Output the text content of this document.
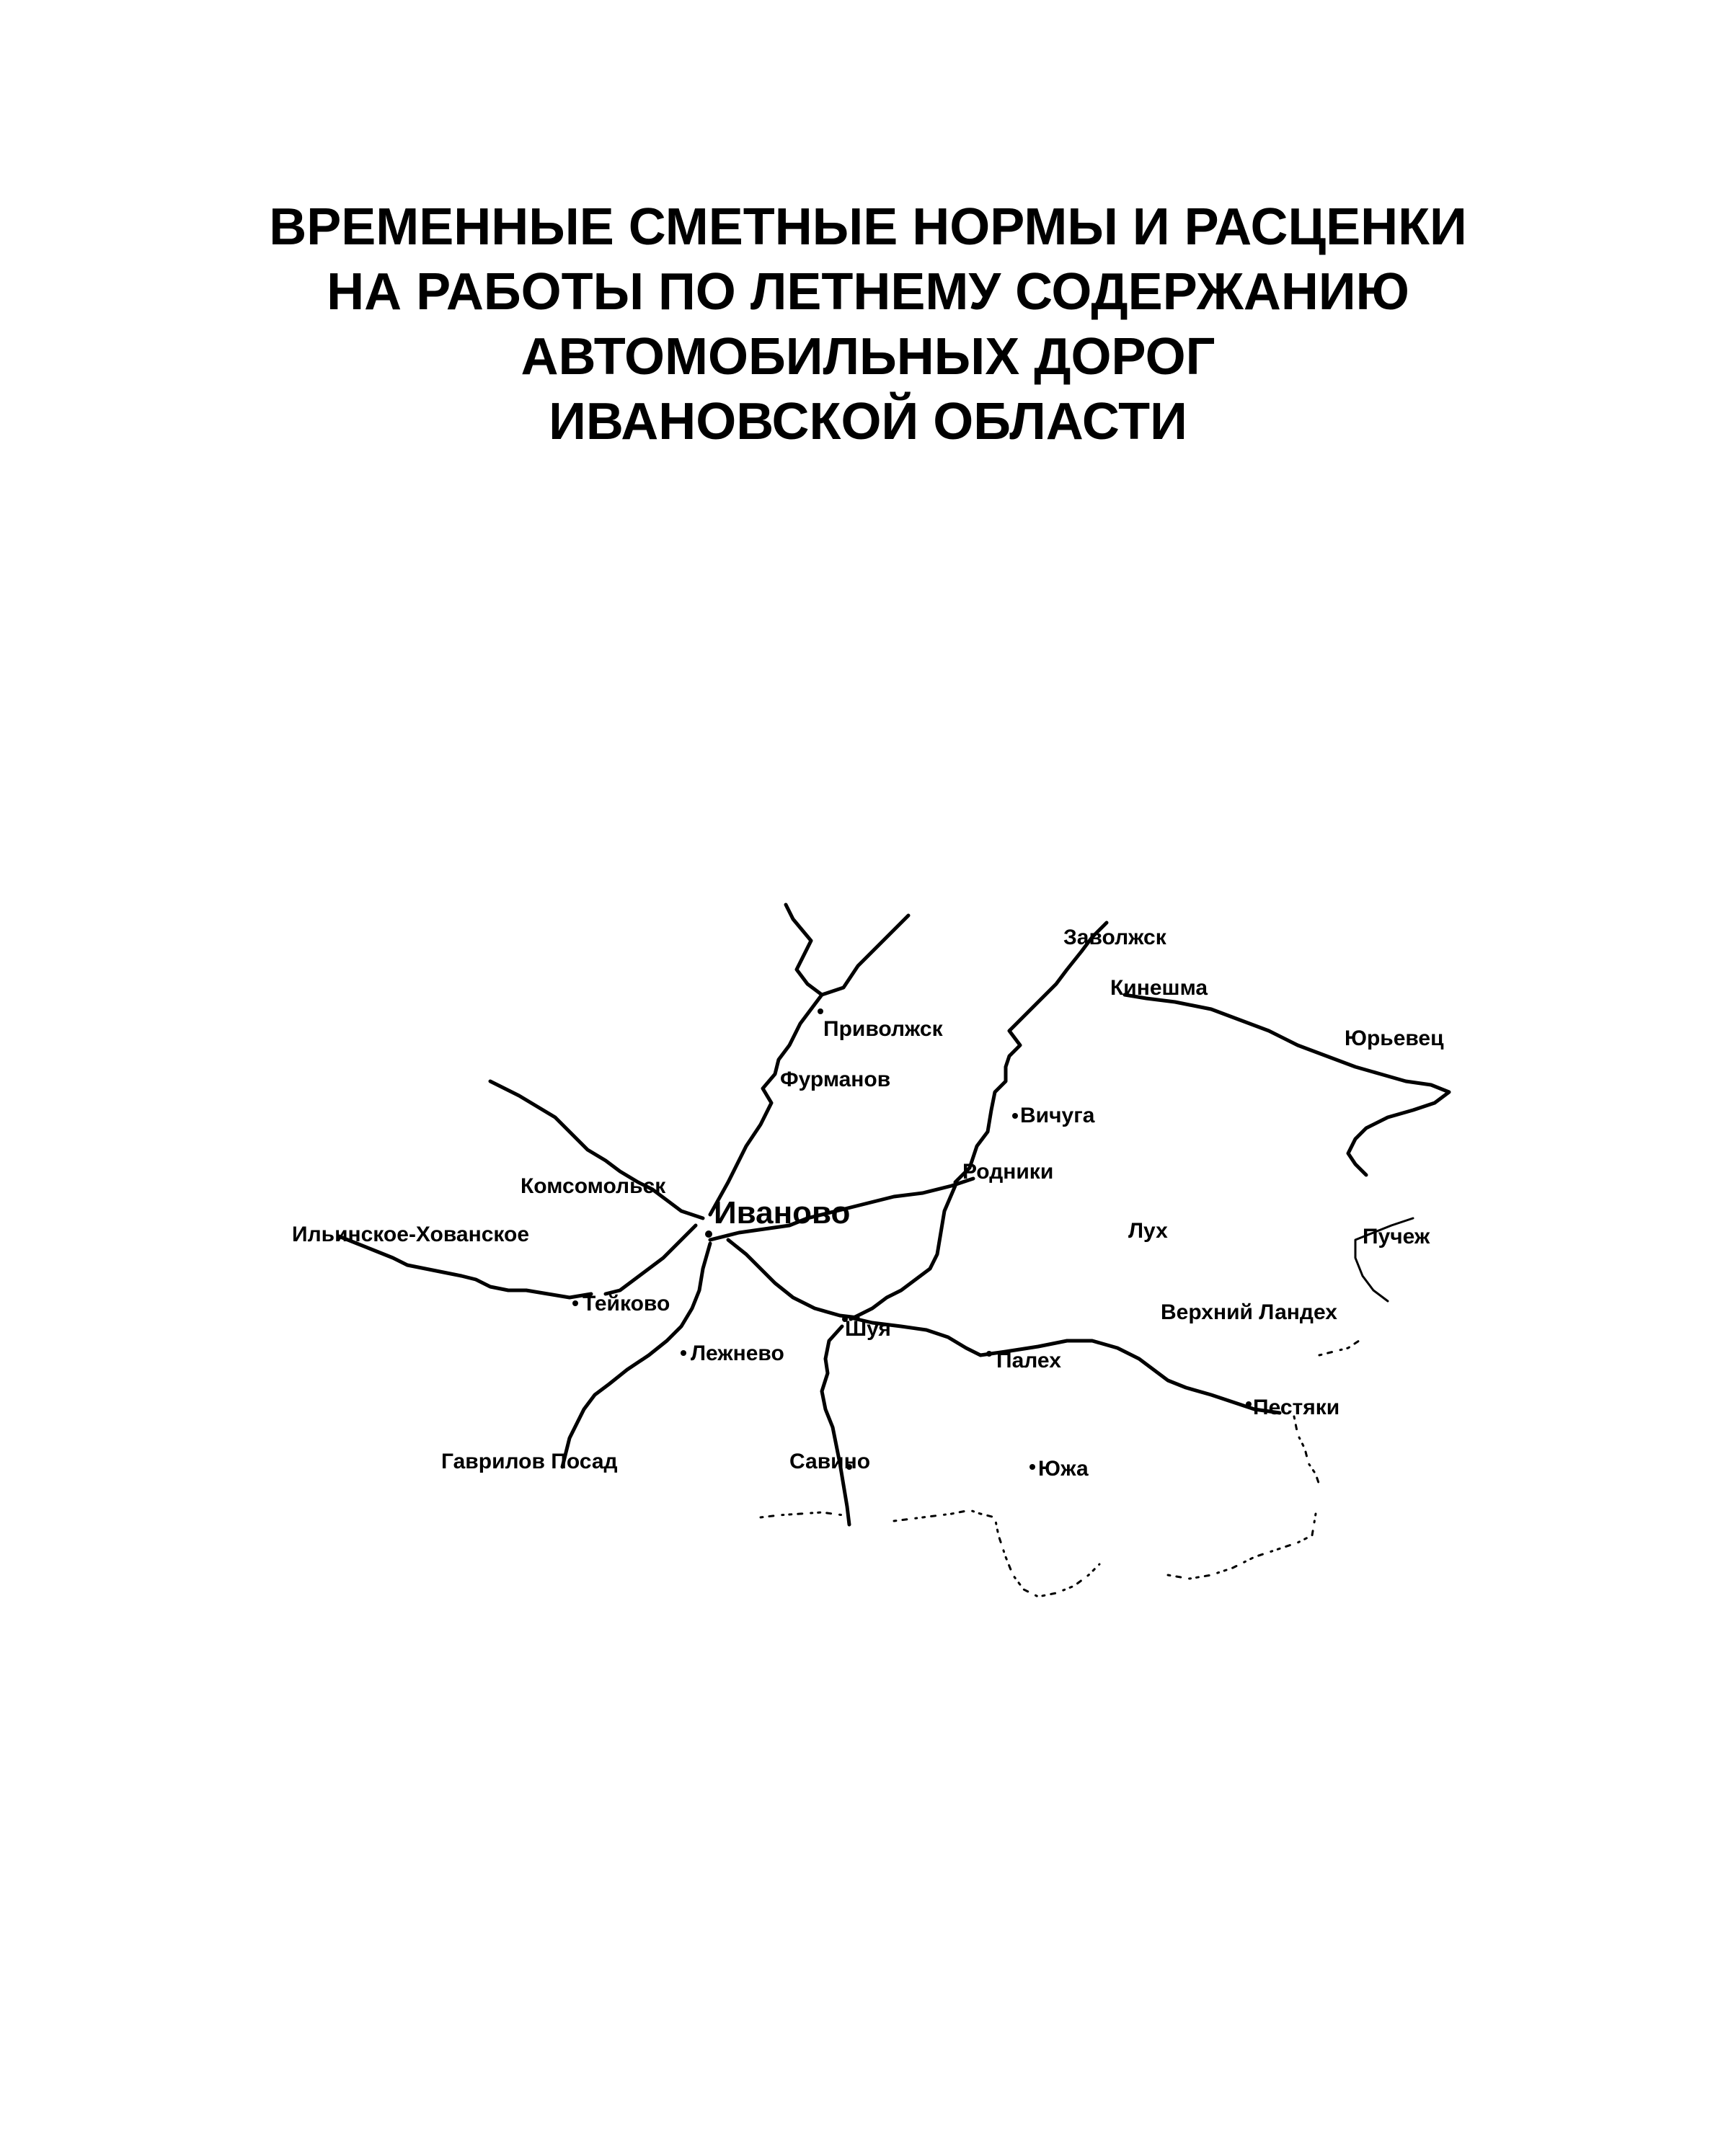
ВРЕМЕННЫЕ СМЕТНЫЕ НОРМЫ И РАСЦЕНКИ
НА РАБОТЫ ПО ЛЕТНЕМУ СОДЕРЖАНИЮ
АВТОМОБИЛЬНЫХ ДОРОГ
ИВАНОВСКОЙ ОБЛАСТИ
Иваново
Заволжск
Кинешма
Юрьевец
Приволжск
Фурманов
Вичуга
Родники
Комсомольск
Ильинское-Хованское	Лух	Пучеж
Тейково
Шуя
Верхний Ландех
Лежнево	Палех
Пестяки
Гаврилов Посад	Савино	Южа
